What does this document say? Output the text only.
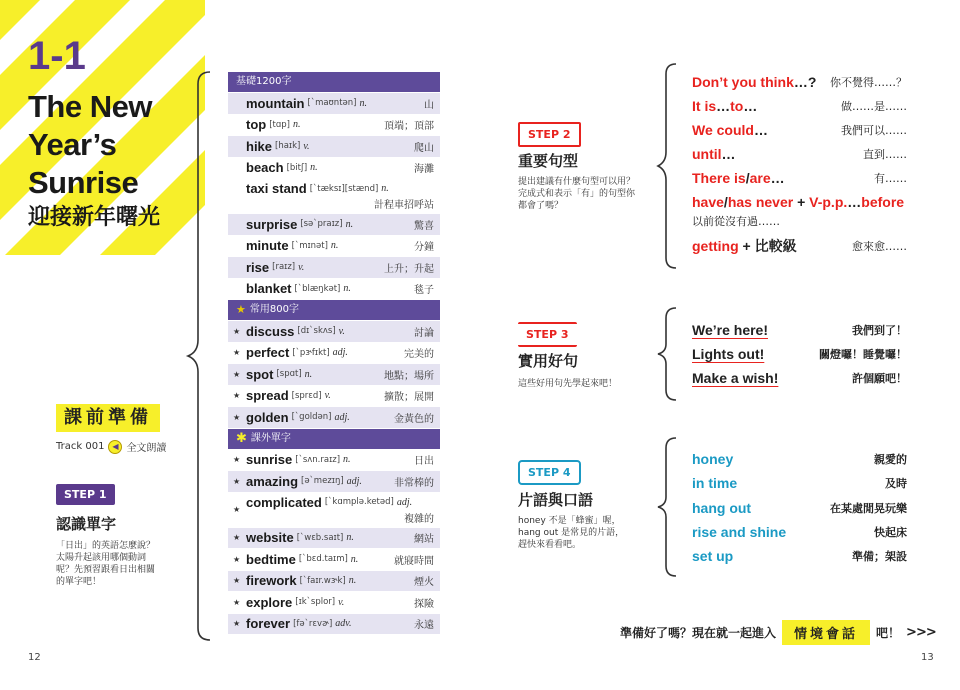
1-1
The New
Year’s
Sunrise
迎接新年曙光
課前準備
Track 001 ◀ 全文朗讀
STEP 1
認識單字
「日出」的英語怎麼說？太陽升起該用哪個動詞呢？先預習跟看日出相關的單字吧！
基礎1200字
mountain [ˋmaʊntən] n.	山
top [tɑp] n.	頂端；頂部
hike [haɪk] v.	爬山
beach [bitʃ] n.	海灘
taxi stand [ˋtæksɪ][stænd] n.
計程車招呼站
surprise [səˋpraɪz] n.	驚喜
minute [ˋmɪnət] n.	分鐘
rise [raɪz] v.	上升；升起
blanket [ˋblæŋkət] n.	毯子
★ 常用800字
★ discuss [dɪˋskʌs] v.	討論
★ perfect [ˋpɝfɪkt] adj.	完美的
★ spot [spɑt] n.	地點；場所
★ spread [sprɛd] v.	擴散；展開
★ golden [ˋgoldən] adj.	金黃色的
✱ 課外單字
★ sunrise [ˋsʌn.raɪz] n.	日出
★ amazing [əˋmezɪŋ] adj.	非常棒的
★ complicated [ˋkɑmplə.ketəd] adj.
複雜的
★ website [ˋwɛb.saɪt] n.	網站
★ bedtime [ˋbɛd.taɪm] n.	就寢時間
★ firework [ˋfaɪr.wɝk] n.	煙火
★ explore [ɪkˋsplor] v.	探險
★ forever [fəˋrɛvɚ] adv.	永遠
12
STEP 2
重要句型
提出建議有什麼句型可以用？完成式和表示「有」的句型你都會了嗎？
Don’t you think…? 你不覺得……？
It is…to…	做……是……
We could…	我們可以……
until…	直到……
There is/are…	有……
have/has never + V-p.p.…before
以前從沒有過……
getting + 比較級	愈來愈……
STEP 3
實用好句
這些好用句先學起來吧！
We’re here!	我們到了！
Lights out!	關燈囉！睡覺囉！
Make a wish!	許個願吧！
STEP 4
片語與口語
honey 不是「蜂蜜」喔，hang out 是常見的片語，趕快來看看吧。
honey	親愛的
in time	及時
hang out	在某處閒晃玩樂
rise and shine	快起床
set up	準備；架設
準備好了嗎？現在就一起進入	情境會話	吧！ >>>
13
